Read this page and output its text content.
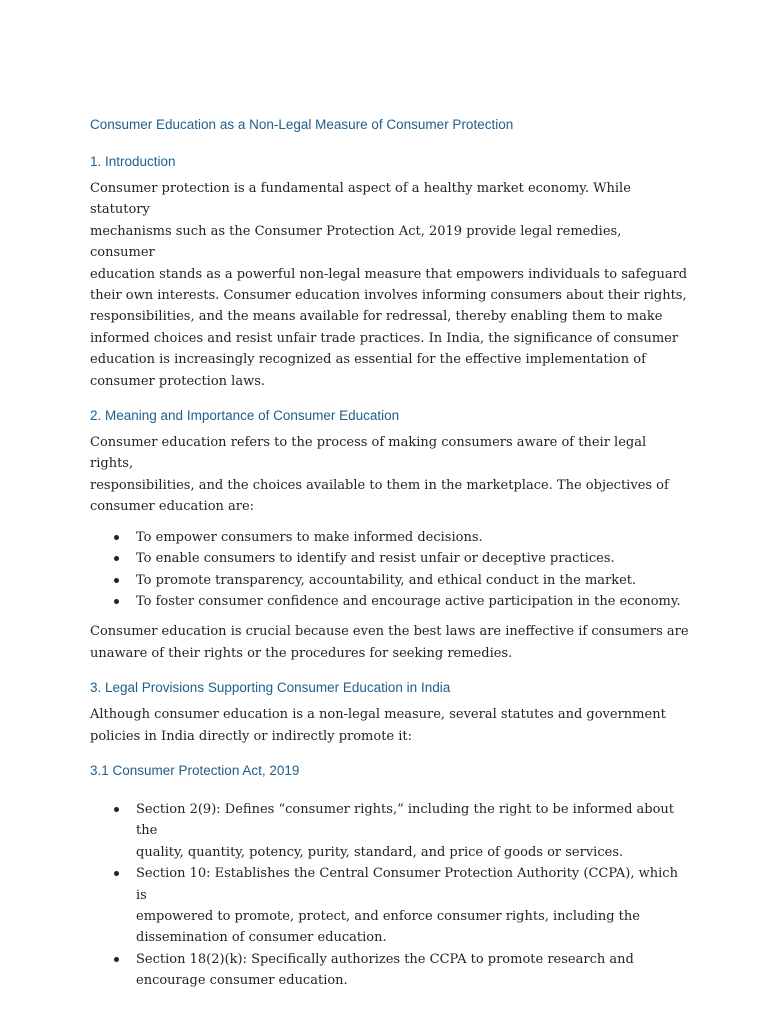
Consumer Education as a Non-Legal Measure of Consumer Protection
1. Introduction
Consumer protection is a fundamental aspect of a healthy market economy. While statutory
mechanisms such as the Consumer Protection Act, 2019 provide legal remedies, consumer
education stands as a powerful non-legal measure that empowers individuals to safeguard
their own interests. Consumer education involves informing consumers about their rights,
responsibilities, and the means available for redressal, thereby enabling them to make
informed choices and resist unfair trade practices. In India, the significance of consumer
education is increasingly recognized as essential for the effective implementation of
consumer protection laws.
2. Meaning and Importance of Consumer Education
Consumer education refers to the process of making consumers aware of their legal rights,
responsibilities, and the choices available to them in the marketplace. The objectives of
consumer education are:
To empower consumers to make informed decisions.
To enable consumers to identify and resist unfair or deceptive practices.
To promote transparency, accountability, and ethical conduct in the market.
To foster consumer confidence and encourage active participation in the economy.
Consumer education is crucial because even the best laws are ineffective if consumers are
unaware of their rights or the procedures for seeking remedies.
3. Legal Provisions Supporting Consumer Education in India
Although consumer education is a non-legal measure, several statutes and government
policies in India directly or indirectly promote it:
3.1 Consumer Protection Act, 2019
Section 2(9): Defines “consumer rights,” including the right to be informed about the
quality, quantity, potency, purity, standard, and price of goods or services.
Section 10: Establishes the Central Consumer Protection Authority (CCPA), which is
empowered to promote, protect, and enforce consumer rights, including the
dissemination of consumer education.
Section 18(2)(k): Specifically authorizes the CCPA to promote research and
encourage consumer education.
